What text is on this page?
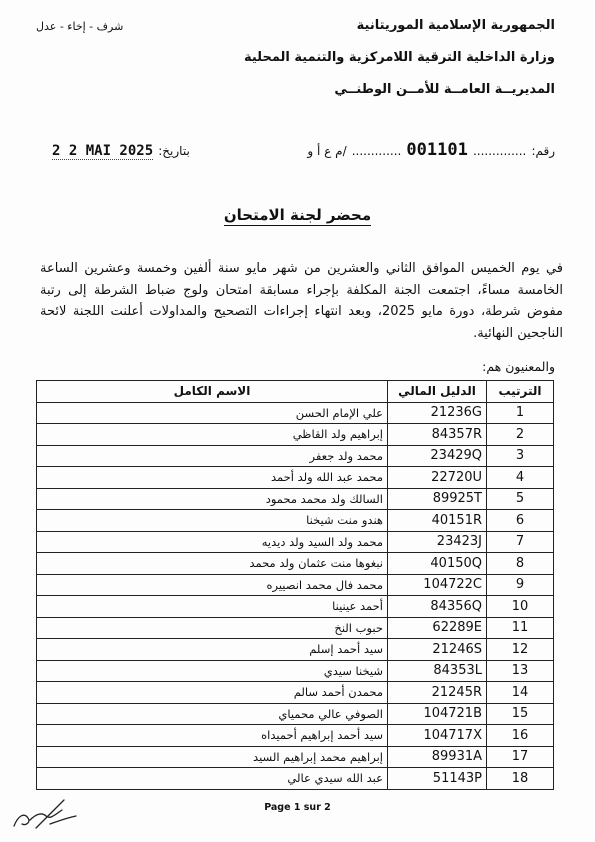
الجمهورية الإسلامية الموريتانية
وزارة الداخلية الترقية اللامركزية والتنمية المحلية
المديريــة العامــة للأمــن الوطنــي
شرف - إخاء - عدل
رقم: .............. 001101 ............. /م ع أ و
بتاريخ: 2 2 MAI 2025
محضر لجنة الامتحان
في يوم الخميس الموافق الثاني والعشرين من شهر مايو سنة ألفين وخمسة وعشرين الساعة الخامسة مساءً، اجتمعت الجنة المكلفة بإجراء مسابقة امتحان ولوج ضباط الشرطة إلى رتبة مفوض شرطة، دورة مايو 2025، وبعد انتهاء إجراءات التصحيح والمداولات أعلنت اللجنة لائحة الناجحين النهائية.
والمعنيون هم:
الترتيب	الدليل المالي	الاسم الكامل
1	21236G	علي الإمام الحسن
2	84357R	إبراهيم ولد القاظي
3	23429Q	محمد ولد جعفر
4	22720U	محمد عبد الله ولد أحمد
5	89925T	السالك ولد محمد محمود
6	40151R	هندو منت شيخنا
7	23423J	محمد ولد السيد ولد ديديه
8	40150Q	نبغوها منت عثمان ولد محمد
9	104722C	محمد فال محمد انصييره
10	84356Q	أحمد عينينا
11	62289E	حبوب النخ
12	21246S	سيد أحمد إسلم
13	84353L	شيخنا سيدي
14	21245R	محمدن أحمد سالم
15	104721B	الصوفي عالي محمياي
16	104717X	سيد أحمد إبراهيم أحميداه
17	89931A	إبراهيم محمد إبراهيم السيد
18	51143P	عبد الله سيدي عالي
Page 1 sur 2
